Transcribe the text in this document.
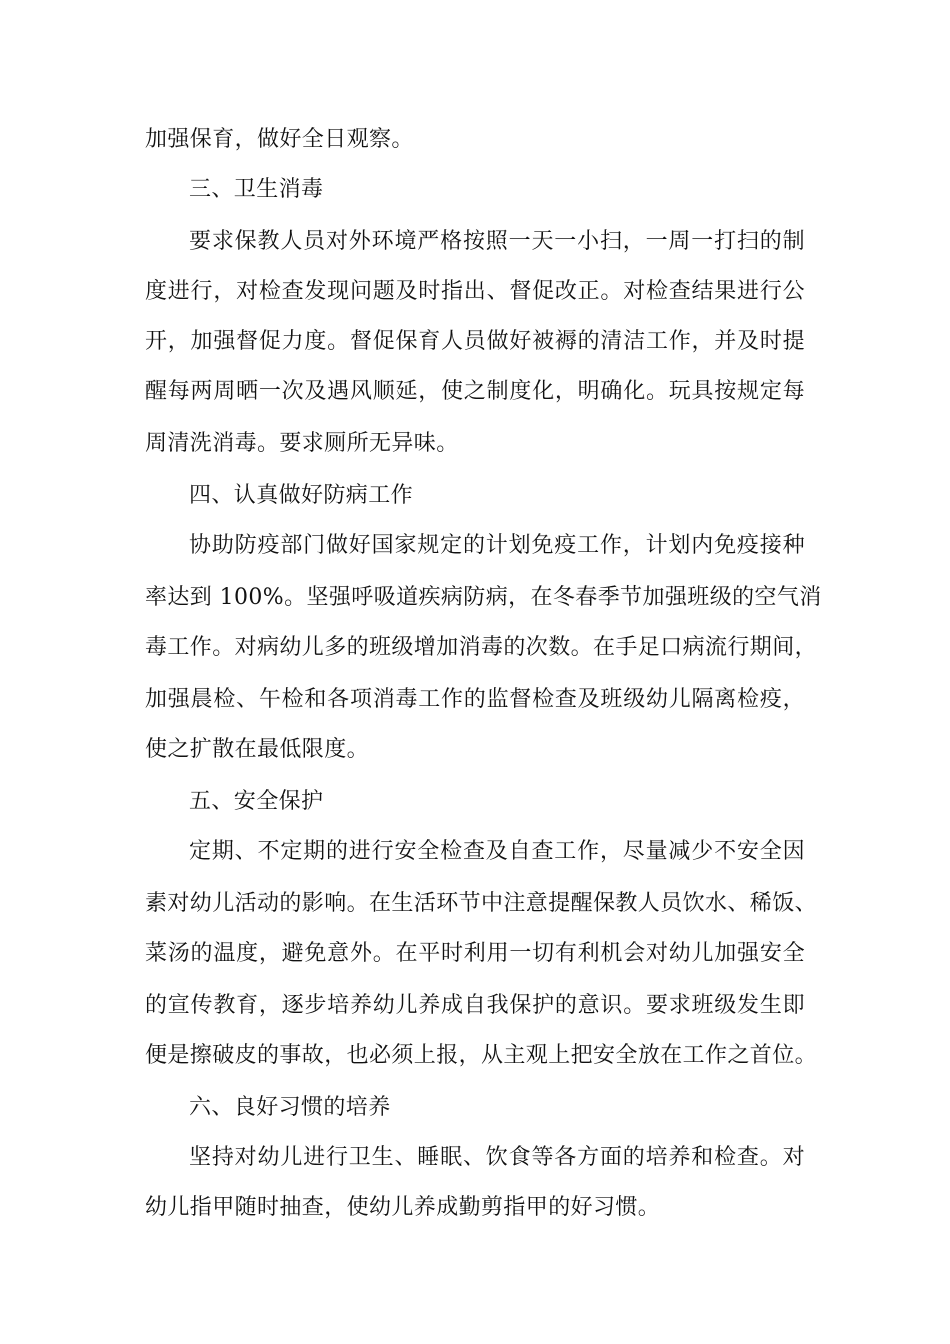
加强保育，做好全日观察。
三、卫生消毒
要求保教人员对外环境严格按照一天一小扫，一周一打扫的制
度进行，对检查发现问题及时指出、督促改正。对检查结果进行公
开，加强督促力度。督促保育人员做好被褥的清洁工作，并及时提
醒每两周晒一次及遇风顺延，使之制度化，明确化。玩具按规定每
周清洗消毒。要求厕所无异味。
四、认真做好防病工作
协助防疫部门做好国家规定的计划免疫工作，计划内免疫接种
率达到 100%。坚强呼吸道疾病防病，在冬春季节加强班级的空气消
毒工作。对病幼儿多的班级增加消毒的次数。在手足口病流行期间，
加强晨检、午检和各项消毒工作的监督检查及班级幼儿隔离检疫，
使之扩散在最低限度。
五、安全保护
定期、不定期的进行安全检查及自查工作，尽量减少不安全因
素对幼儿活动的影响。在生活环节中注意提醒保教人员饮水、稀饭、
菜汤的温度，避免意外。在平时利用一切有利机会对幼儿加强安全
的宣传教育，逐步培养幼儿养成自我保护的意识。要求班级发生即
便是擦破皮的事故，也必须上报，从主观上把安全放在工作之首位。
六、良好习惯的培养
坚持对幼儿进行卫生、睡眠、饮食等各方面的培养和检查。对
幼儿指甲随时抽查，使幼儿养成勤剪指甲的好习惯。
